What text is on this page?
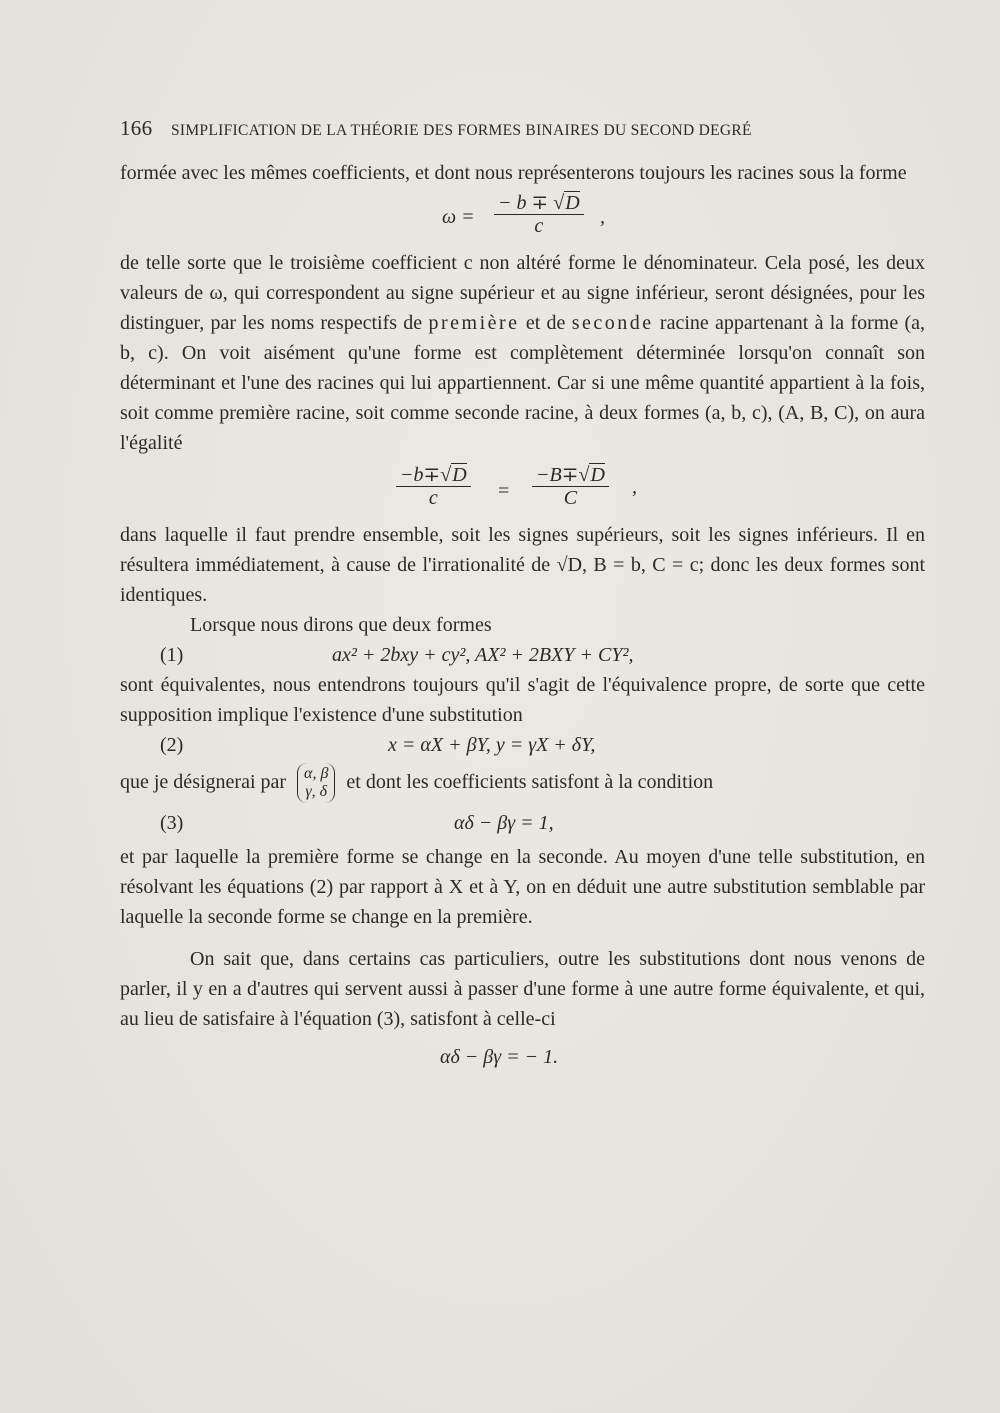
166 SIMPLIFICATION DE LA THÉORIE DES FORMES BINAIRES DU SECOND DEGRÉ

formée avec les mêmes coefficients, et dont nous représenterons toujours les racines sous la forme

$\omega = \frac{- b \mp √D}{c}$ ,

de telle sorte que le troisième coefficient c non altéré forme le dénominateur. Cela posé, les deux valeurs de ω, qui correspondent au signe supérieur et au signe inférieur, seront désignées, pour les distinguer, par les noms respectifs de première et de seconde racine appartenant à la forme (a, b, c). On voit aisément qu'une forme est complètement déterminée lorsqu'on connaît son déterminant et l'une des racines qui lui appartiennent. Car si une même quantité appartient à la fois, soit comme première racine, soit comme seconde racine, à deux formes (a, b, c), (A, B, C), on aura l'égalité

$\frac{-b\mp√D}{c} = \frac{-B\mp√D}{C}$ ,

dans laquelle il faut prendre ensemble, soit les signes supérieurs, soit les signes inférieurs. Il en résultera immédiatement, à cause de l'irrationalité de √D, B = b, C = c; donc les deux formes sont identiques.

Lorsque nous dirons que deux formes

(1)	ax² + 2bxy + cy², AX² + 2BXY + CY²,

sont équivalentes, nous entendrons toujours qu'il s'agit de l'équivalence propre, de sorte que cette supposition implique l'existence d'une substitution

(2)	x = αX + βY, y = γX + δY,

que je désignerai par α, β
γ, δ et dont les coefficients satisfont à la condition

(3)	αδ − βγ = 1,

et par laquelle la première forme se change en la seconde. Au moyen d'une telle substitution, en résolvant les équations (2) par rapport à X et à Y, on en déduit une autre substitution semblable par laquelle la seconde forme se change en la première.

On sait que, dans certains cas particuliers, outre les substitutions dont nous venons de parler, il y en a d'autres qui servent aussi à passer d'une forme à une autre forme équivalente, et qui, au lieu de satisfaire à l'équation (3), satisfont à celle-ci

αδ − βγ = − 1.
